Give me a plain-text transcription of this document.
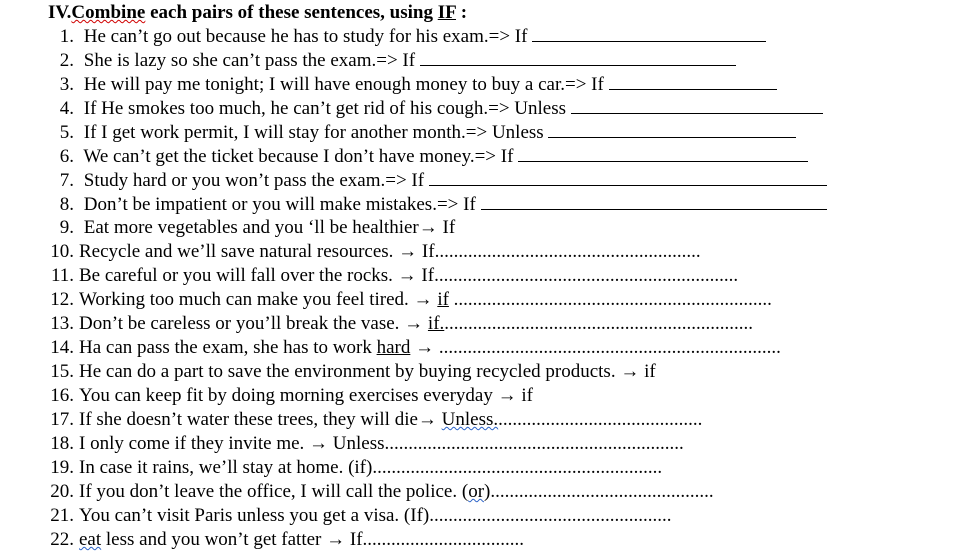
IV.Combine each pairs of these sentences, using IF :
1. He can’t go out because he has to study for his exam.=> If
2. She is lazy so she can’t pass the exam.=> If
3. He will pay me tonight; I will have enough money to buy a car.=> If
4. If He smokes too much, he can’t get rid of his cough.=> Unless
5. If I get work permit, I will stay for another month.=> Unless
6. We can’t get the ticket because I don’t have money.=> If
7. Study hard or you won’t pass the exam.=> If
8. Don’t be impatient or you will make mistakes.=> If
9. Eat more vegetables and you ‘ll be healthier→ If
10. Recycle and we’ll save natural resources. → If........................................................
11. Be careful or you will fall over the rocks. → If................................................................
12. Working too much can make you feel tired. → if ...................................................................
13. Don’t be careless or you’ll break the vase. → if..................................................................
14. Ha can pass the exam, she has to work hard → ........................................................................
15. He can do a part to save the environment by buying recycled products. → if
16. You can keep fit by doing morning exercises everyday → if
17. If she doesn’t water these trees, they will die→ Unless............................................
18. I only come if they invite me. → Unless...............................................................
19. In case it rains, we’ll stay at home. (if).............................................................
20. If you don’t leave the office, I will call the police. (or)...............................................
21. You can’t visit Paris unless you get a visa. (If)...................................................
22. eat less and you won’t get fatter → If..................................
